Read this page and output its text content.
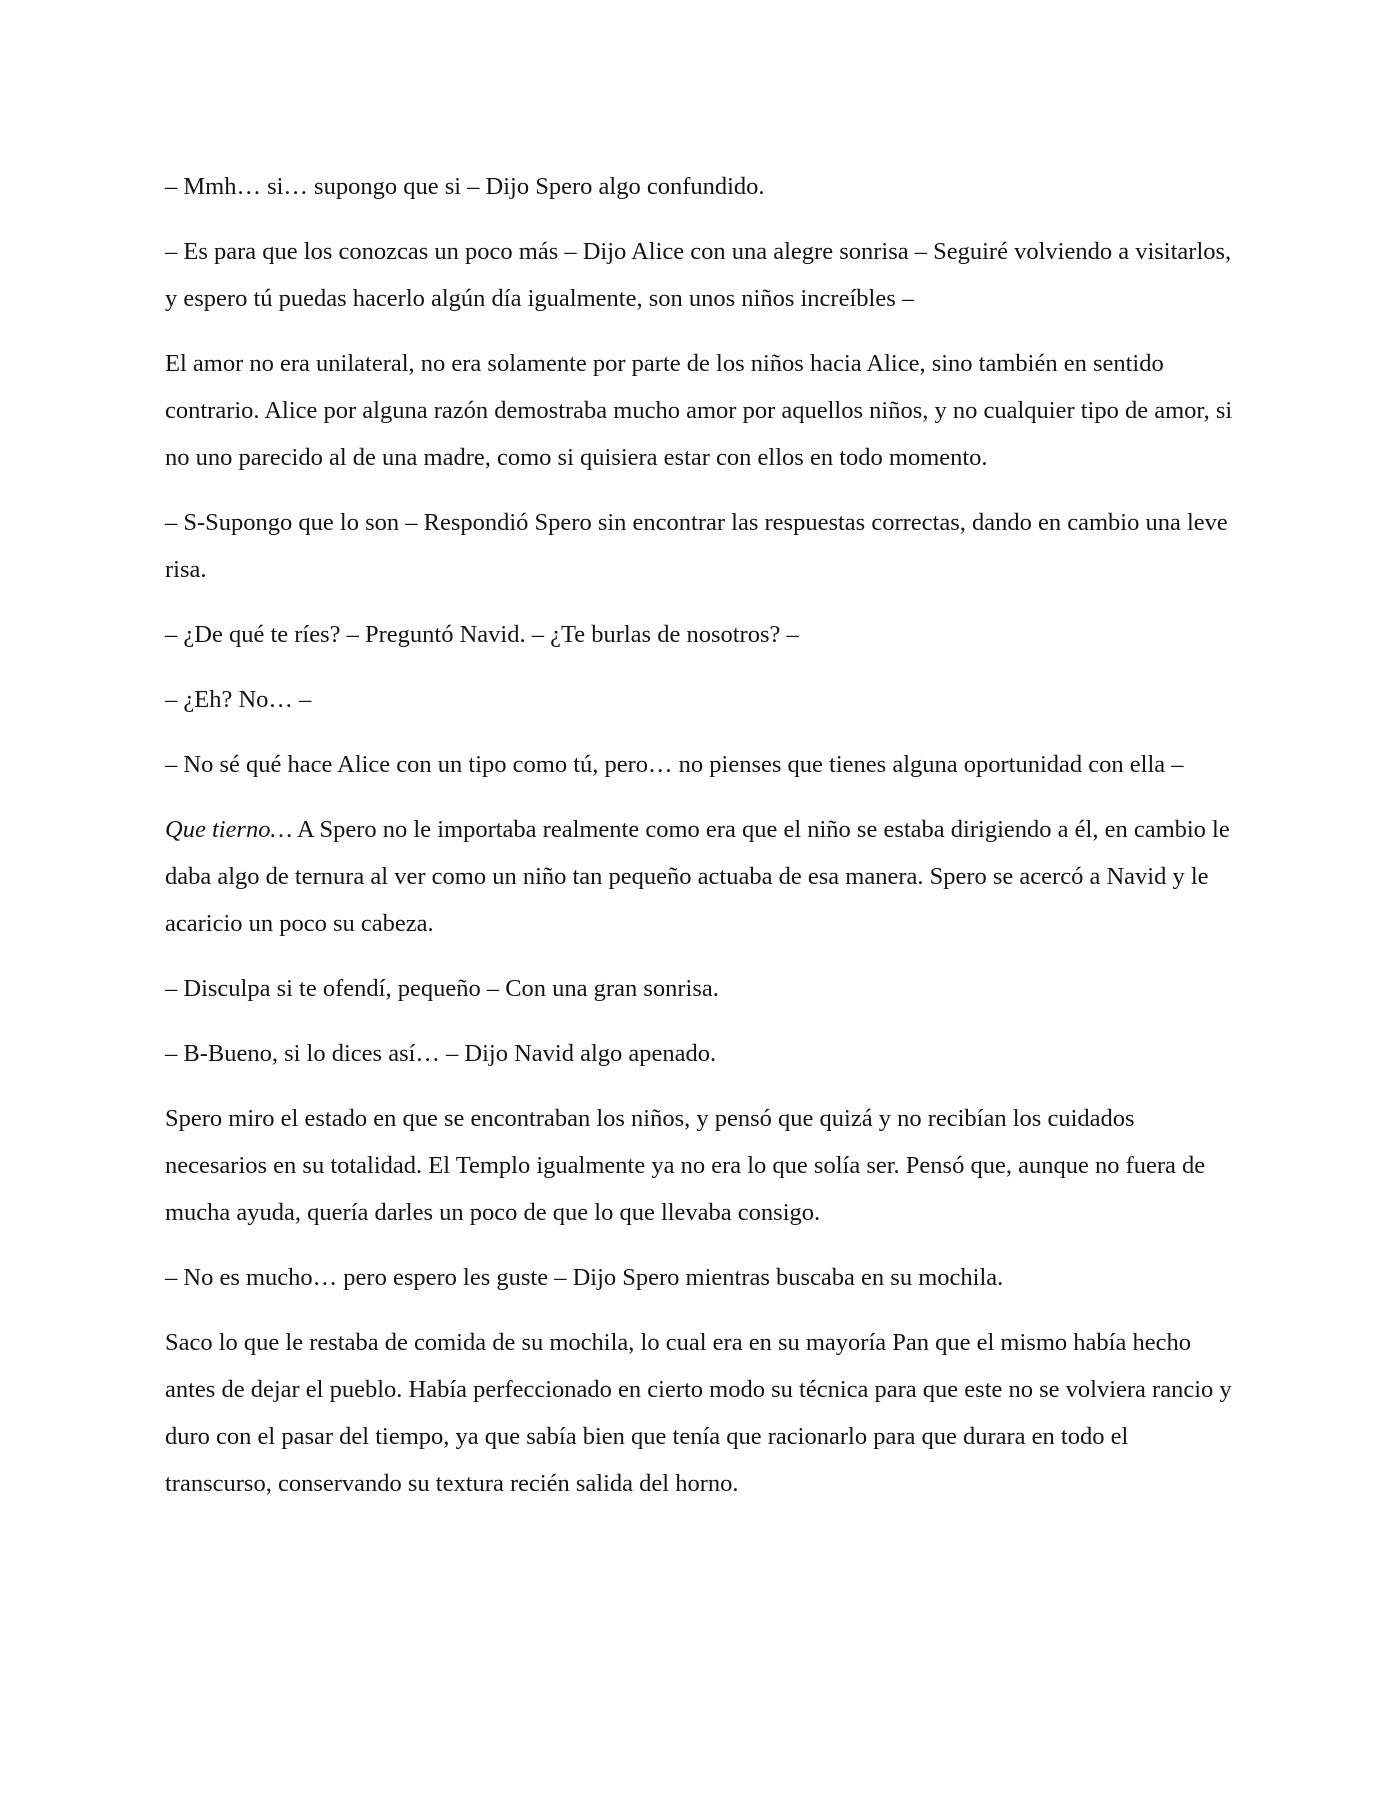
– Mmh… si… supongo que si – Dijo Spero algo confundido.

– Es para que los conozcas un poco más – Dijo Alice con una alegre sonrisa – Seguiré volviendo a visitarlos, y espero tú puedas hacerlo algún día igualmente, son unos niños increíbles –

El amor no era unilateral, no era solamente por parte de los niños hacia Alice, sino también en sentido contrario. Alice por alguna razón demostraba mucho amor por aquellos niños, y no cualquier tipo de amor, si no uno parecido al de una madre, como si quisiera estar con ellos en todo momento.

– S-Supongo que lo son – Respondió Spero sin encontrar las respuestas correctas, dando en cambio una leve risa.

– ¿De qué te ríes? – Preguntó Navid. – ¿Te burlas de nosotros? –

– ¿Eh? No… –

– No sé qué hace Alice con un tipo como tú, pero… no pienses que tienes alguna oportunidad con ella –

Que tierno… A Spero no le importaba realmente como era que el niño se estaba dirigiendo a él, en cambio le daba algo de ternura al ver como un niño tan pequeño actuaba de esa manera. Spero se acercó a Navid y le acaricio un poco su cabeza.

– Disculpa si te ofendí, pequeño – Con una gran sonrisa.

– B-Bueno, si lo dices así… – Dijo Navid algo apenado.

Spero miro el estado en que se encontraban los niños, y pensó que quizá y no recibían los cuidados necesarios en su totalidad. El Templo igualmente ya no era lo que solía ser. Pensó que, aunque no fuera de mucha ayuda, quería darles un poco de que lo que llevaba consigo.

– No es mucho… pero espero les guste – Dijo Spero mientras buscaba en su mochila.

Saco lo que le restaba de comida de su mochila, lo cual era en su mayoría Pan que el mismo había hecho antes de dejar el pueblo. Había perfeccionado en cierto modo su técnica para que este no se volviera rancio y duro con el pasar del tiempo, ya que sabía bien que tenía que racionarlo para que durara en todo el transcurso, conservando su textura recién salida del horno.
